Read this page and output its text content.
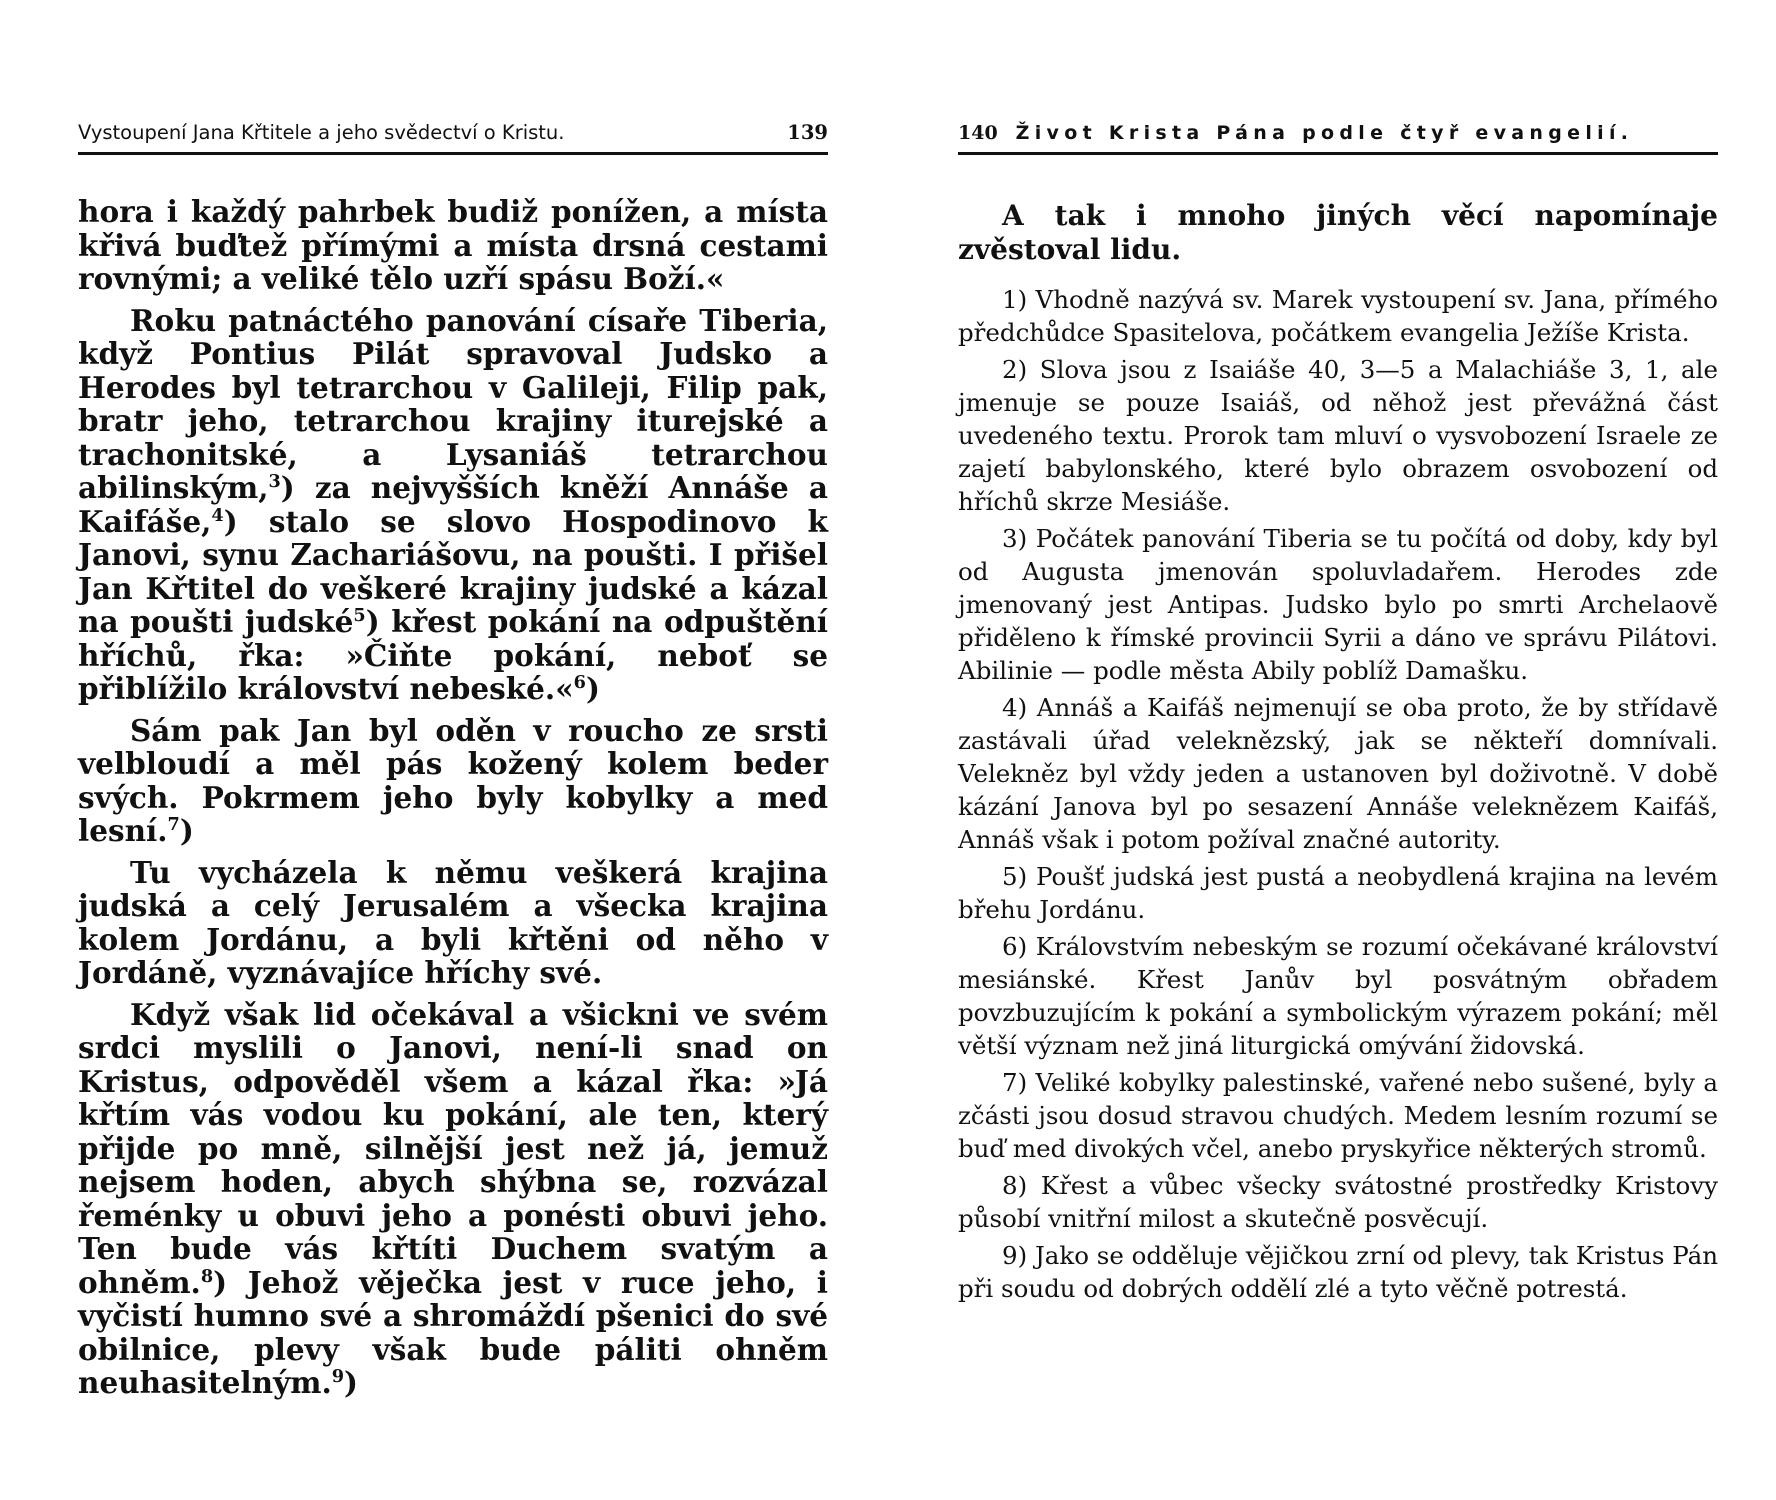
Vystoupení Jana Křtitele a jeho svědectví o Kristu.	139

hora i každý pahrbek budiž ponížen, a místa křivá buďtež přímými a místa drsná cestami rovnými; a veliké tělo uzří spásu Boží.«

Roku patnáctého panování císaře Tiberia, když Pontius Pilát spravoval Judsko a Herodes byl tetrarchou v Galileji, Filip pak, bratr jeho, tetrarchou krajiny iturejské a trachonitské, a Lysaniáš tetrarchou abilinským,$^3$) za nejvyšších kněží Annáše a Kaifáše,$^4$) stalo se slovo Hospodinovo k Janovi, synu Zachariášovu, na poušti. I přišel Jan Křtitel do veškeré krajiny judské a kázal na poušti judské$^5$) křest pokání na odpuštění hříchů, řka: »Čiňte pokání, neboť se přiblížilo království nebeské.«$^6$)

Sám pak Jan byl oděn v roucho ze srsti velbloudí a měl pás kožený kolem beder svých. Pokrmem jeho byly kobylky a med lesní.$^7$)

Tu vycházela k němu veškerá krajina judská a celý Jerusalém a všecka krajina kolem Jordánu, a byli křtěni od něho v Jordáně, vyznávajíce hříchy své.

Když však lid očekával a všickni ve svém srdci myslili o Janovi, není-li snad on Kristus, odpověděl všem a kázal řka: »Já křtím vás vodou ku pokání, ale ten, který přijde po mně, silnější jest než já, jemuž nejsem hoden, abych shýbna se, rozvázal řeménky u obuvi jeho a ponésti obuvi jeho. Ten bude vás křtíti Duchem svatým a ohněm.$^8$) Jehož věječka jest v ruce jeho, i vyčistí humno své a shromáždí pšenici do své obilnice, plevy však bude páliti ohněm neuhasitelným.$^9$)

140 Život Krista Pána podle čtyř evangelií.

A tak i mnoho jiných věcí napomínaje zvěstoval lidu.

1) Vhodně nazývá sv. Marek vystoupení sv. Jana, přímého předchůdce Spasitelova, počátkem evangelia Ježíše Krista.

2) Slova jsou z Isaiáše 40, 3—5 a Malachiáše 3, 1, ale jmenuje se pouze Isaiáš, od něhož jest převážná část uvedeného textu. Prorok tam mluví o vysvobození Israele ze zajetí babylonského, které bylo obrazem osvobození od hříchů skrze Mesiáše.

3) Počátek panování Tiberia se tu počítá od doby, kdy byl od Augusta jmenován spoluvladařem. Herodes zde jmenovaný jest Antipas. Judsko bylo po smrti Archelaově přiděleno k římské provincii Syrii a dáno ve správu Pilátovi. Abilinie — podle města Abily poblíž Damašku.

4) Annáš a Kaifáš nejmenují se oba proto, že by střídavě zastávali úřad veleknězský, jak se někteří domnívali. Velekněz byl vždy jeden a ustanoven byl doživotně. V době kázání Janova byl po sesazení Annáše veleknězem Kaifáš, Annáš však i potom požíval značné autority.

5) Poušť judská jest pustá a neobydlená krajina na levém břehu Jordánu.

6) Královstvím nebeským se rozumí očekávané království mesiánské. Křest Janův byl posvátným obřadem povzbuzujícím k pokání a symbolickým výrazem pokání; měl větší význam než jiná liturgická omývání židovská.

7) Veliké kobylky palestinské, vařené nebo sušené, byly a zčásti jsou dosud stravou chudých. Medem lesním rozumí se buď med divokých včel, anebo pryskyřice některých stromů.

8) Křest a vůbec všecky svátostné prostředky Kristovy působí vnitřní milost a skutečně posvěcují.

9) Jako se odděluje vějičkou zrní od plevy, tak Kristus Pán při soudu od dobrých oddělí zlé a tyto věčně potrestá.
